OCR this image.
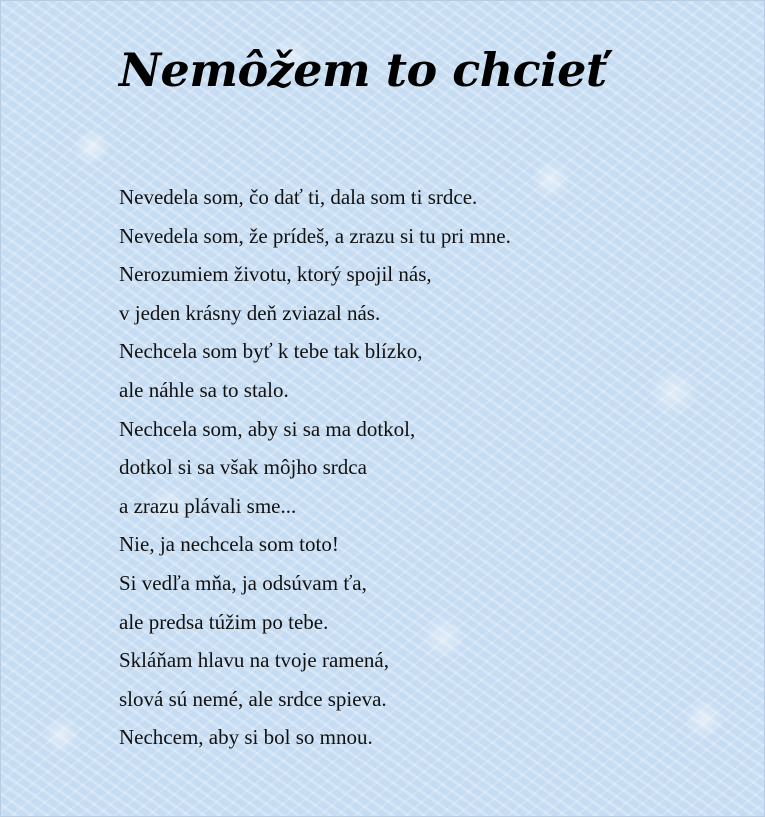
Nemôžem to chcieť
Nevedela som, čo dať ti, dala som ti srdce.
Nevedela som, že prídeš, a zrazu si tu pri mne.
Nerozumiem životu, ktorý spojil nás,
v jeden krásny deň zviazal nás.
Nechcela som byť k tebe tak blízko,
ale náhle sa to stalo.
Nechcela som, aby si sa ma dotkol,
dotkol si sa však môjho srdca
a zrazu plávali sme...
Nie, ja nechcela som toto!
Si vedľa mňa, ja odsúvam ťa,
ale predsa túžim po tebe.
Skláňam hlavu na tvoje ramená,
slová sú nemé, ale srdce spieva.
Nechcem, aby si bol so mnou.
